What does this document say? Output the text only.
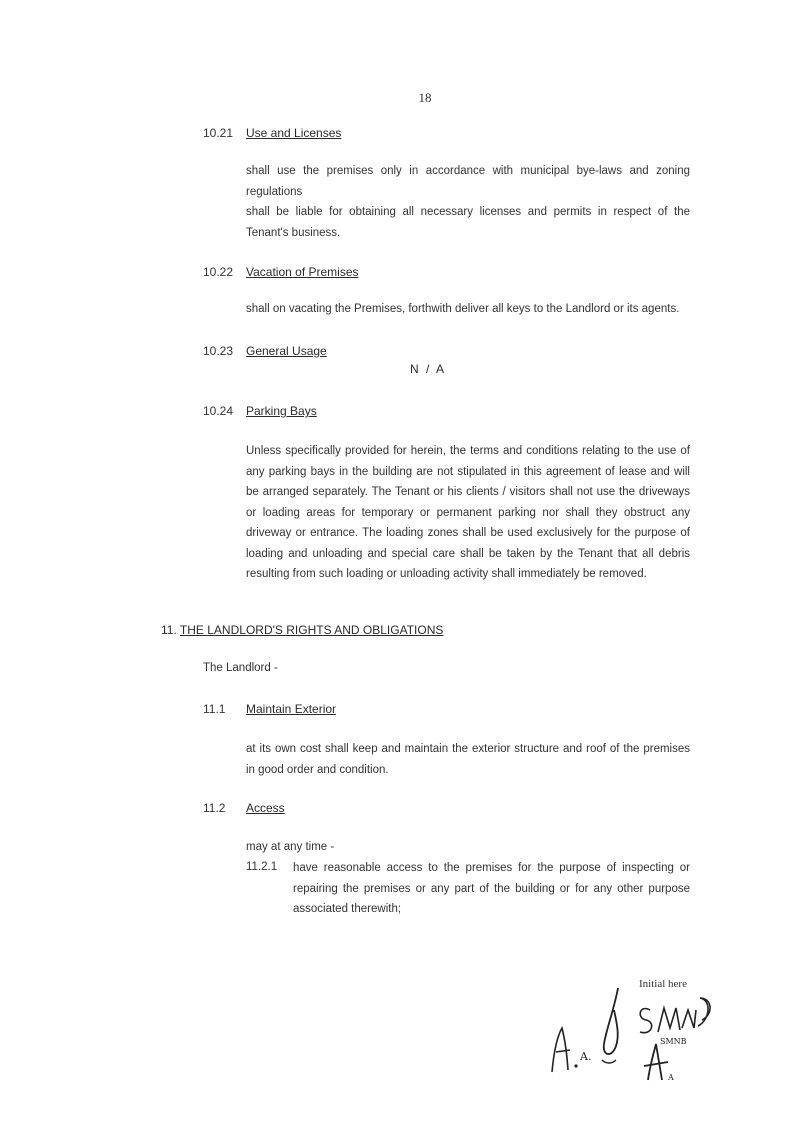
18
10.21 Use and Licenses
shall use the premises only in accordance with municipal bye-laws and zoning regulations
shall be liable for obtaining all necessary licenses and permits in respect of the Tenant's business.
10.22 Vacation of Premises
shall on vacating the Premises, forthwith deliver all keys to the Landlord or its agents.
10.23 General Usage
N / A
10.24 Parking Bays
Unless specifically provided for herein, the terms and conditions relating to the use of any parking bays in the building are not stipulated in this agreement of lease and will be arranged separately. The Tenant or his clients / visitors shall not use the driveways or loading areas for temporary or permanent parking nor shall they obstruct any driveway or entrance. The loading zones shall be used exclusively for the purpose of loading and unloading and special care shall be taken by the Tenant that all debris resulting from such loading or unloading activity shall immediately be removed.
11. THE LANDLORD'S RIGHTS AND OBLIGATIONS
The Landlord -
11.1 Maintain Exterior
at its own cost shall keep and maintain the exterior structure and roof of the premises in good order and condition.
11.2 Access
may at any time -
11.2.1 have reasonable access to the premises for the purpose of inspecting or repairing the premises or any part of the building or for any other purpose associated therewith;
Initial here
A.
SMNB
A
